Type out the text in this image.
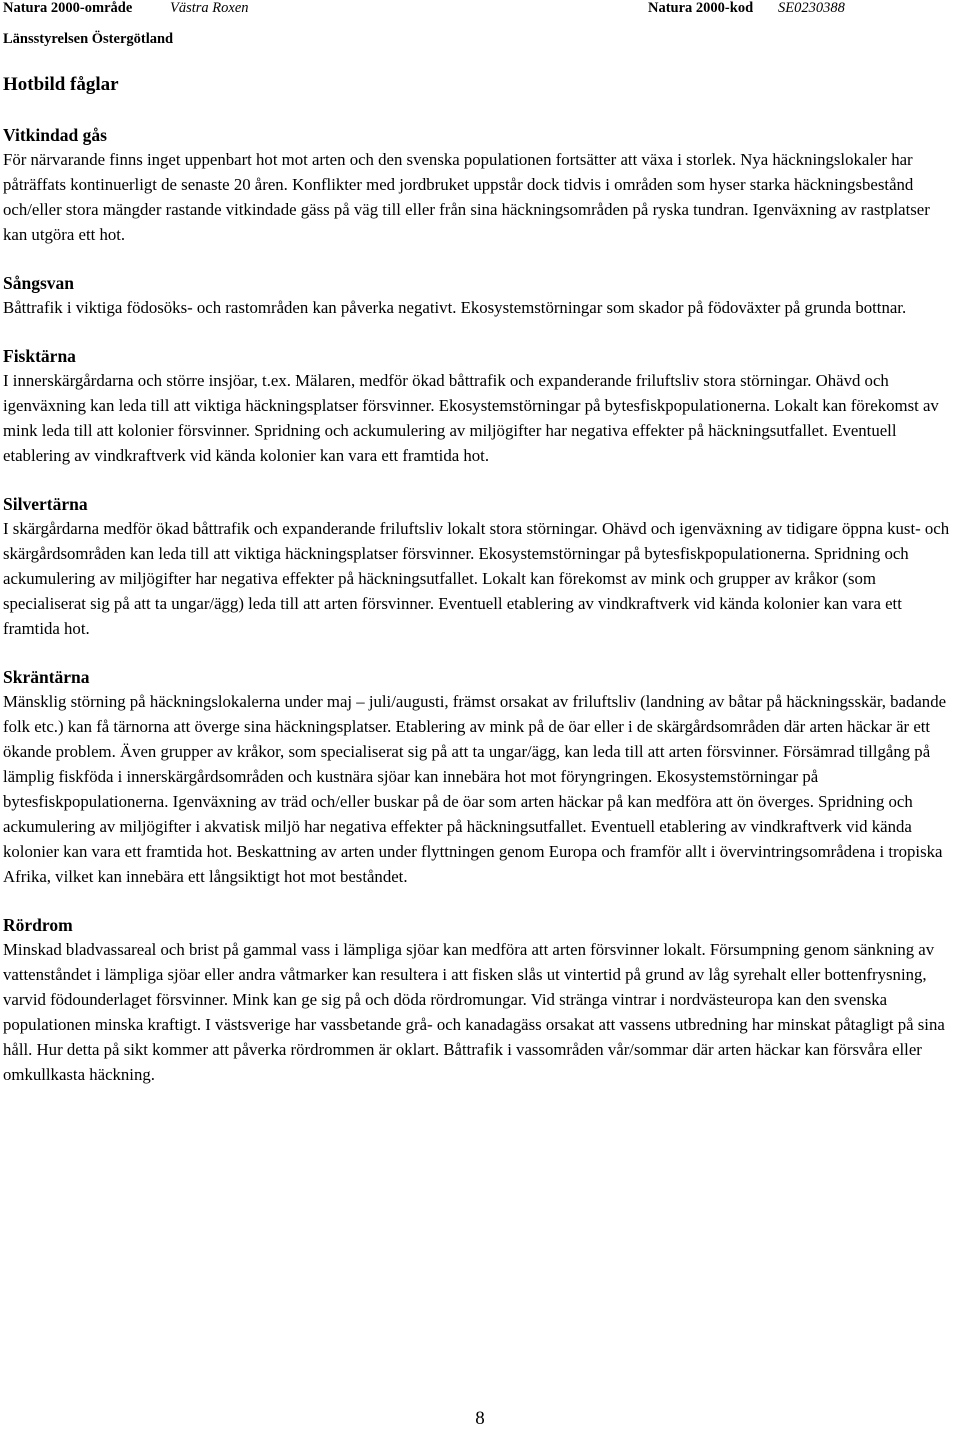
Natura 2000-område	Västra Roxen	Natura 2000-kod SE0230388
Länsstyrelsen Östergötland
Hotbild fåglar
Vitkindad gås

För närvarande finns inget uppenbart hot mot arten och den svenska populationen fortsätter att växa i storlek. Nya häckningslokaler har påträffats kontinuerligt de senaste 20 åren. Konflikter med jordbruket uppstår dock tidvis i områden som hyser starka häckningsbestånd och/eller stora mängder rastande vitkindade gäss på väg till eller från sina häckningsområden på ryska tundran. Igenväxning av rastplatser kan utgöra ett hot.

Sångsvan

Båttrafik i viktiga födosöks- och rastområden kan påverka negativt. Ekosystemstörningar som skador på födoväxter på grunda bottnar.

Fisktärna

I innerskärgårdarna och större insjöar, t.ex. Mälaren, medför ökad båttrafik och expanderande friluftsliv stora störningar. Ohävd och igenväxning kan leda till att viktiga häckningsplatser försvinner. Ekosystemstörningar på bytesfiskpopulationerna. Lokalt kan förekomst av mink leda till att kolonier försvinner. Spridning och ackumulering av miljögifter har negativa effekter på häckningsutfallet. Eventuell etablering av vindkraftverk vid kända kolonier kan vara ett framtida hot.

Silvertärna

I skärgårdarna medför ökad båttrafik och expanderande friluftsliv lokalt stora störningar. Ohävd och igenväxning av tidigare öppna kust- och skärgårdsområden kan leda till att viktiga häckningsplatser försvinner. Ekosystemstörningar på bytesfiskpopulationerna. Spridning och ackumulering av miljögifter har negativa effekter på häckningsutfallet. Lokalt kan förekomst av mink och grupper av kråkor (som specialiserat sig på att ta ungar/ägg) leda till att arten försvinner. Eventuell etablering av vindkraftverk vid kända kolonier kan vara ett framtida hot.

Skräntärna

Mänsklig störning på häckningslokalerna under maj – juli/augusti, främst orsakat av friluftsliv (landning av båtar på häckningsskär, badande folk etc.) kan få tärnorna att överge sina häckningsplatser. Etablering av mink på de öar eller i de skärgårdsområden där arten häckar är ett ökande problem. Även grupper av kråkor, som specialiserat sig på att ta ungar/ägg, kan leda till att arten försvinner. Försämrad tillgång på lämplig fiskföda i innerskärgårdsområden och kustnära sjöar kan innebära hot mot föryngringen. Ekosystemstörningar på bytesfiskpopulationerna. Igenväxning av träd och/eller buskar på de öar som arten häckar på kan medföra att ön överges. Spridning och ackumulering av miljögifter i akvatisk miljö har negativa effekter på häckningsutfallet. Eventuell etablering av vindkraftverk vid kända kolonier kan vara ett framtida hot. Beskattning av arten under flyttningen genom Europa och framför allt i övervintringsområdena i tropiska Afrika, vilket kan innebära ett långsiktigt hot mot beståndet.

Rördrom

Minskad bladvassareal och brist på gammal vass i lämpliga sjöar kan medföra att arten försvinner lokalt. Försumpning genom sänkning av vattenståndet i lämpliga sjöar eller andra våtmarker kan resultera i att fisken slås ut vintertid på grund av låg syrehalt eller bottenfrysning, varvid födounderlaget försvinner. Mink kan ge sig på och döda rördromungar. Vid stränga vintrar i nordvästeuropa kan den svenska populationen minska kraftigt. I västsverige har vassbetande grå- och kanadagäss orsakat att vassens utbredning har minskat påtagligt på sina håll. Hur detta på sikt kommer att påverka rördrommen är oklart. Båttrafik i vassområden vår/sommar där arten häckar kan försvåra eller omkullkasta häckning.

8
